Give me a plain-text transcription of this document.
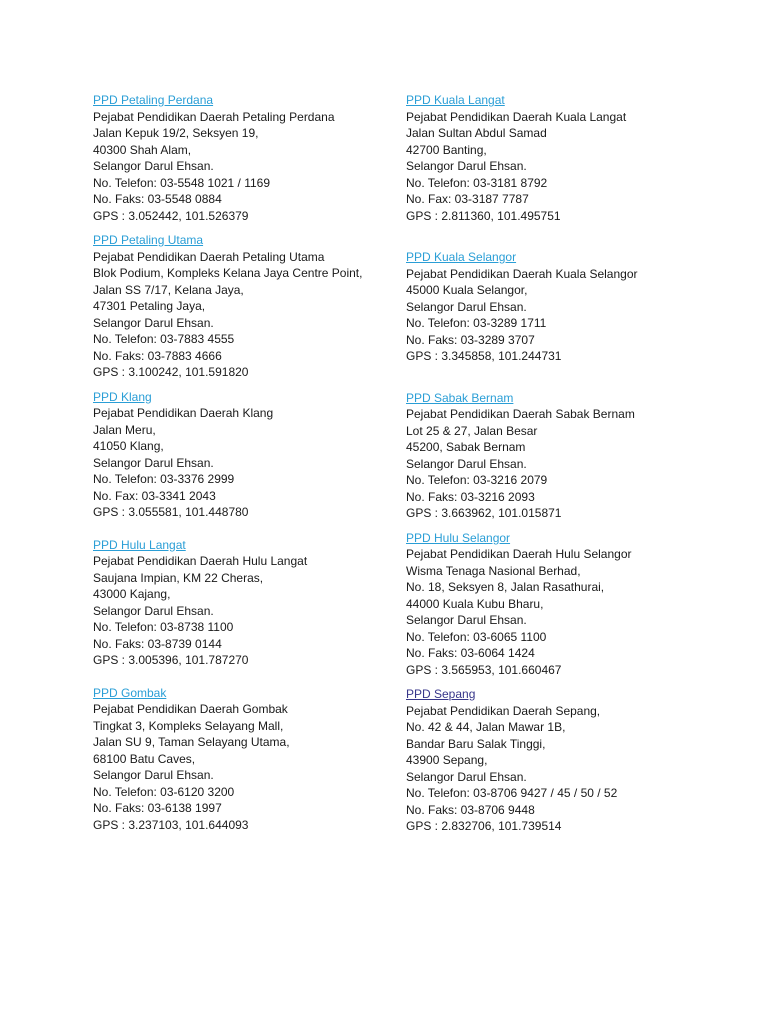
PPD Petaling Perdana
Pejabat Pendidikan Daerah Petaling Perdana
Jalan Kepuk 19/2, Seksyen 19,
40300 Shah Alam,
Selangor Darul Ehsan.
No. Telefon: 03-5548 1021 / 1169
No. Faks: 03-5548 0884
GPS : 3.052442, 101.526379
PPD Petaling Utama
Pejabat Pendidikan Daerah Petaling Utama
Blok Podium, Kompleks Kelana Jaya Centre Point,
Jalan SS 7/17, Kelana Jaya,
47301 Petaling Jaya,
Selangor Darul Ehsan.
No. Telefon: 03-7883 4555
No. Faks: 03-7883 4666
GPS : 3.100242, 101.591820
PPD Klang
Pejabat Pendidikan Daerah Klang
Jalan Meru,
41050 Klang,
Selangor Darul Ehsan.
No. Telefon: 03-3376 2999
No. Fax: 03-3341 2043
GPS : 3.055581, 101.448780
PPD Hulu Langat
Pejabat Pendidikan Daerah Hulu Langat
Saujana Impian, KM 22 Cheras,
43000 Kajang,
Selangor Darul Ehsan.
No. Telefon: 03-8738 1100
No. Faks: 03-8739 0144
GPS : 3.005396, 101.787270
PPD Gombak
Pejabat Pendidikan Daerah Gombak
Tingkat 3, Kompleks Selayang Mall,
Jalan SU 9, Taman Selayang Utama,
68100 Batu Caves,
Selangor Darul Ehsan.
No. Telefon: 03-6120 3200
No. Faks: 03-6138 1997
GPS : 3.237103, 101.644093
PPD Kuala Langat
Pejabat Pendidikan Daerah Kuala Langat
Jalan Sultan Abdul Samad
42700 Banting,
Selangor Darul Ehsan.
No. Telefon: 03-3181 8792
No. Fax: 03-3187 7787
GPS : 2.811360, 101.495751
PPD Kuala Selangor
Pejabat Pendidikan Daerah Kuala Selangor
45000 Kuala Selangor,
Selangor Darul Ehsan.
No. Telefon: 03-3289 1711
No. Faks: 03-3289 3707
GPS : 3.345858, 101.244731
PPD Sabak Bernam
Pejabat Pendidikan Daerah Sabak Bernam
Lot 25 & 27, Jalan Besar
45200, Sabak Bernam
Selangor Darul Ehsan.
No. Telefon: 03-3216 2079
No. Faks: 03-3216 2093
GPS : 3.663962, 101.015871
PPD Hulu Selangor
Pejabat Pendidikan Daerah Hulu Selangor
Wisma Tenaga Nasional Berhad,
No. 18, Seksyen 8, Jalan Rasathurai,
44000 Kuala Kubu Bharu,
Selangor Darul Ehsan.
No. Telefon: 03-6065 1100
No. Faks: 03-6064 1424
GPS : 3.565953, 101.660467
PPD Sepang
Pejabat Pendidikan Daerah Sepang,
No. 42 & 44, Jalan Mawar 1B,
Bandar Baru Salak Tinggi,
43900 Sepang,
Selangor Darul Ehsan.
No. Telefon: 03-8706 9427 / 45 / 50 / 52
No. Faks: 03-8706 9448
GPS : 2.832706, 101.739514
